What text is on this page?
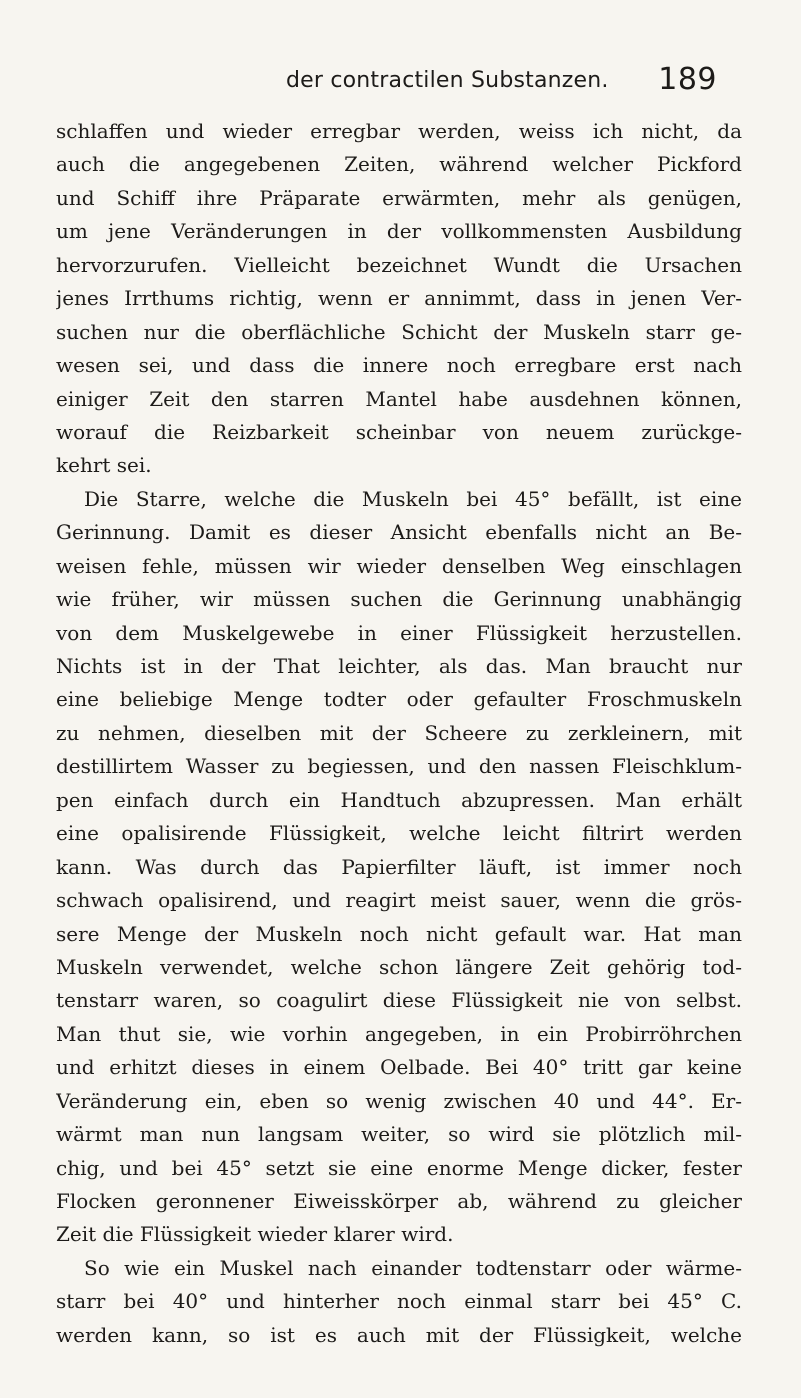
der contractilen Substanzen. 189
schlaffen und wieder erregbar werden, weiss ich nicht, da
auch die angegebenen Zeiten, während welcher Pickford
und Schiff ihre Präparate erwärmten, mehr als genügen,
um jene Veränderungen in der vollkommensten Ausbildung
hervorzurufen. Vielleicht bezeichnet Wundt die Ursachen
jenes Irrthums richtig, wenn er annimmt, dass in jenen Ver-
suchen nur die oberflächliche Schicht der Muskeln starr ge-
wesen sei, und dass die innere noch erregbare erst nach
einiger Zeit den starren Mantel habe ausdehnen können,
worauf die Reizbarkeit scheinbar von neuem zurückge-
kehrt sei.
Die Starre, welche die Muskeln bei 45° befällt, ist eine
Gerinnung. Damit es dieser Ansicht ebenfalls nicht an Be-
weisen fehle, müssen wir wieder denselben Weg einschlagen
wie früher, wir müssen suchen die Gerinnung unabhängig
von dem Muskelgewebe in einer Flüssigkeit herzustellen.
Nichts ist in der That leichter, als das. Man braucht nur
eine beliebige Menge todter oder gefaulter Froschmuskeln
zu nehmen, dieselben mit der Scheere zu zerkleinern, mit
destillirtem Wasser zu begiessen, und den nassen Fleischklum-
pen einfach durch ein Handtuch abzupressen. Man erhält
eine opalisirende Flüssigkeit, welche leicht filtrirt werden
kann. Was durch das Papierfilter läuft, ist immer noch
schwach opalisirend, und reagirt meist sauer, wenn die grös-
sere Menge der Muskeln noch nicht gefault war. Hat man
Muskeln verwendet, welche schon längere Zeit gehörig tod-
tenstarr waren, so coagulirt diese Flüssigkeit nie von selbst.
Man thut sie, wie vorhin angegeben, in ein Probirröhrchen
und erhitzt dieses in einem Oelbade. Bei 40° tritt gar keine
Veränderung ein, eben so wenig zwischen 40 und 44°. Er-
wärmt man nun langsam weiter, so wird sie plötzlich mil-
chig, und bei 45° setzt sie eine enorme Menge dicker, fester
Flocken geronnener Eiweisskörper ab, während zu gleicher
Zeit die Flüssigkeit wieder klarer wird.
So wie ein Muskel nach einander todtenstarr oder wärme-
starr bei 40° und hinterher noch einmal starr bei 45° C.
werden kann, so ist es auch mit der Flüssigkeit, welche
